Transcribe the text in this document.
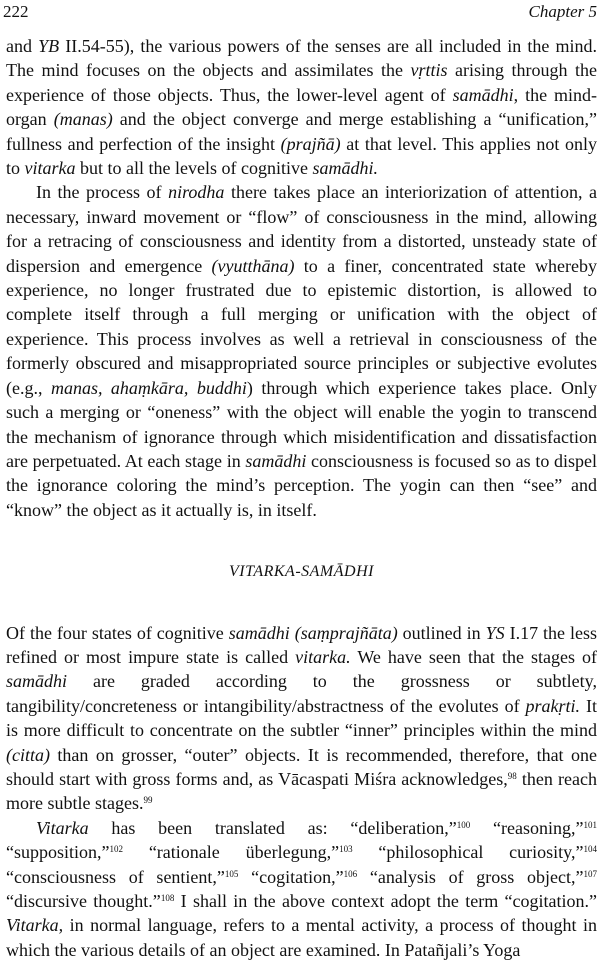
222	Chapter 5

and YB II.54-55), the various powers of the senses are all included in the mind. The mind focuses on the objects and assimilates the vṛttis arising through the experience of those objects. Thus, the lower-level agent of samādhi, the mind-organ (manas) and the object converge and merge establishing a “unification,” fullness and perfection of the insight (prajñā) at that level. This applies not only to vitarka but to all the levels of cognitive samādhi.

In the process of nirodha there takes place an interiorization of attention, a necessary, inward movement or “flow” of consciousness in the mind, allowing for a retracing of consciousness and identity from a distorted, unsteady state of dispersion and emergence (vyutthāna) to a finer, concentrated state whereby experience, no longer frustrated due to epistemic distortion, is allowed to complete itself through a full merging or unification with the object of experience. This process involves as well a retrieval in consciousness of the formerly obscured and misappropriated source principles or subjective evolutes (e.g., manas, ahaṃkāra, buddhi) through which experience takes place. Only such a merging or “oneness” with the object will enable the yogin to transcend the mechanism of ignorance through which misidentification and dissatisfaction are perpetuated. At each stage in samādhi consciousness is focused so as to dispel the ignorance coloring the mind’s perception. The yogin can then “see” and “know” the object as it actually is, in itself.

VITARKA-SAMĀDHI

Of the four states of cognitive samādhi (saṃprajñāta) outlined in YS I.17 the less refined or most impure state is called vitarka. We have seen that the stages of samādhi are graded according to the grossness or subtlety, tangibility/concreteness or intangibility/abstractness of the evolutes of prakṛti. It is more difficult to concentrate on the subtler “inner” principles within the mind (citta) than on grosser, “outer” objects. It is recommended, therefore, that one should start with gross forms and, as Vācaspati Miśra acknowledges,$^{98}$ then reach more subtle stages.$^{99}$

Vitarka has been translated as: “deliberation,”$^{100}$ “reasoning,”$^{101}$ “supposition,”$^{102}$ “rationale überlegung,”$^{103}$ “philosophical curiosity,”$^{104}$ “consciousness of sentient,”$^{105}$ “cogitation,”$^{106}$ “analysis of gross object,”$^{107}$ “discursive thought.”$^{108}$ I shall in the above context adopt the term “cogitation.” Vitarka, in normal language, refers to a mental activity, a process of thought in which the various details of an object are examined. In Patañjali’s Yoga
